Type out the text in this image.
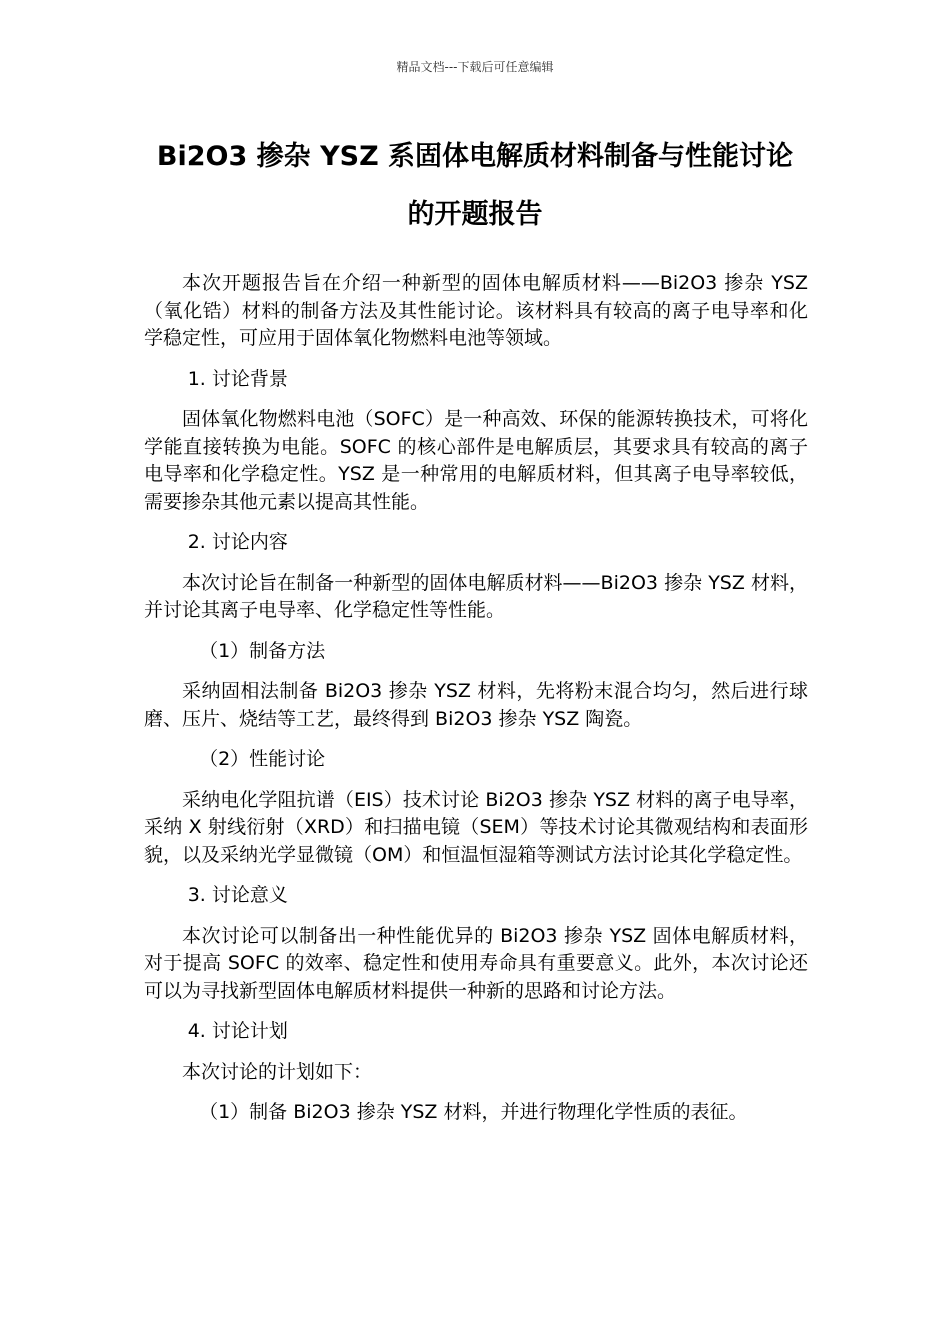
精品文档---下载后可任意编辑
Bi2O3 掺杂 YSZ 系固体电解质材料制备与性能讨论
的开题报告

本次开题报告旨在介绍一种新型的固体电解质材料——Bi2O3 掺杂 YSZ（氧化锆）材料的制备方法及其性能讨论。该材料具有较高的离子电导率和化学稳定性，可应用于固体氧化物燃料电池等领域。

1. 讨论背景

固体氧化物燃料电池（SOFC）是一种高效、环保的能源转换技术，可将化学能直接转换为电能。SOFC 的核心部件是电解质层，其要求具有较高的离子电导率和化学稳定性。YSZ 是一种常用的电解质材料，但其离子电导率较低，需要掺杂其他元素以提高其性能。

2. 讨论内容

本次讨论旨在制备一种新型的固体电解质材料——Bi2O3 掺杂 YSZ 材料，并讨论其离子电导率、化学稳定性等性能。

（1）制备方法

采纳固相法制备 Bi2O3 掺杂 YSZ 材料，先将粉末混合均匀，然后进行球磨、压片、烧结等工艺，最终得到 Bi2O3 掺杂 YSZ 陶瓷。

（2）性能讨论

采纳电化学阻抗谱（EIS）技术讨论 Bi2O3 掺杂 YSZ 材料的离子电导率，采纳 X 射线衍射（XRD）和扫描电镜（SEM）等技术讨论其微观结构和表面形貌，以及采纳光学显微镜（OM）和恒温恒湿箱等测试方法讨论其化学稳定性。

3. 讨论意义

本次讨论可以制备出一种性能优异的 Bi2O3 掺杂 YSZ 固体电解质材料，对于提高 SOFC 的效率、稳定性和使用寿命具有重要意义。此外，本次讨论还可以为寻找新型固体电解质材料提供一种新的思路和讨论方法。

4. 讨论计划

本次讨论的计划如下：

（1）制备 Bi2O3 掺杂 YSZ 材料，并进行物理化学性质的表征。
